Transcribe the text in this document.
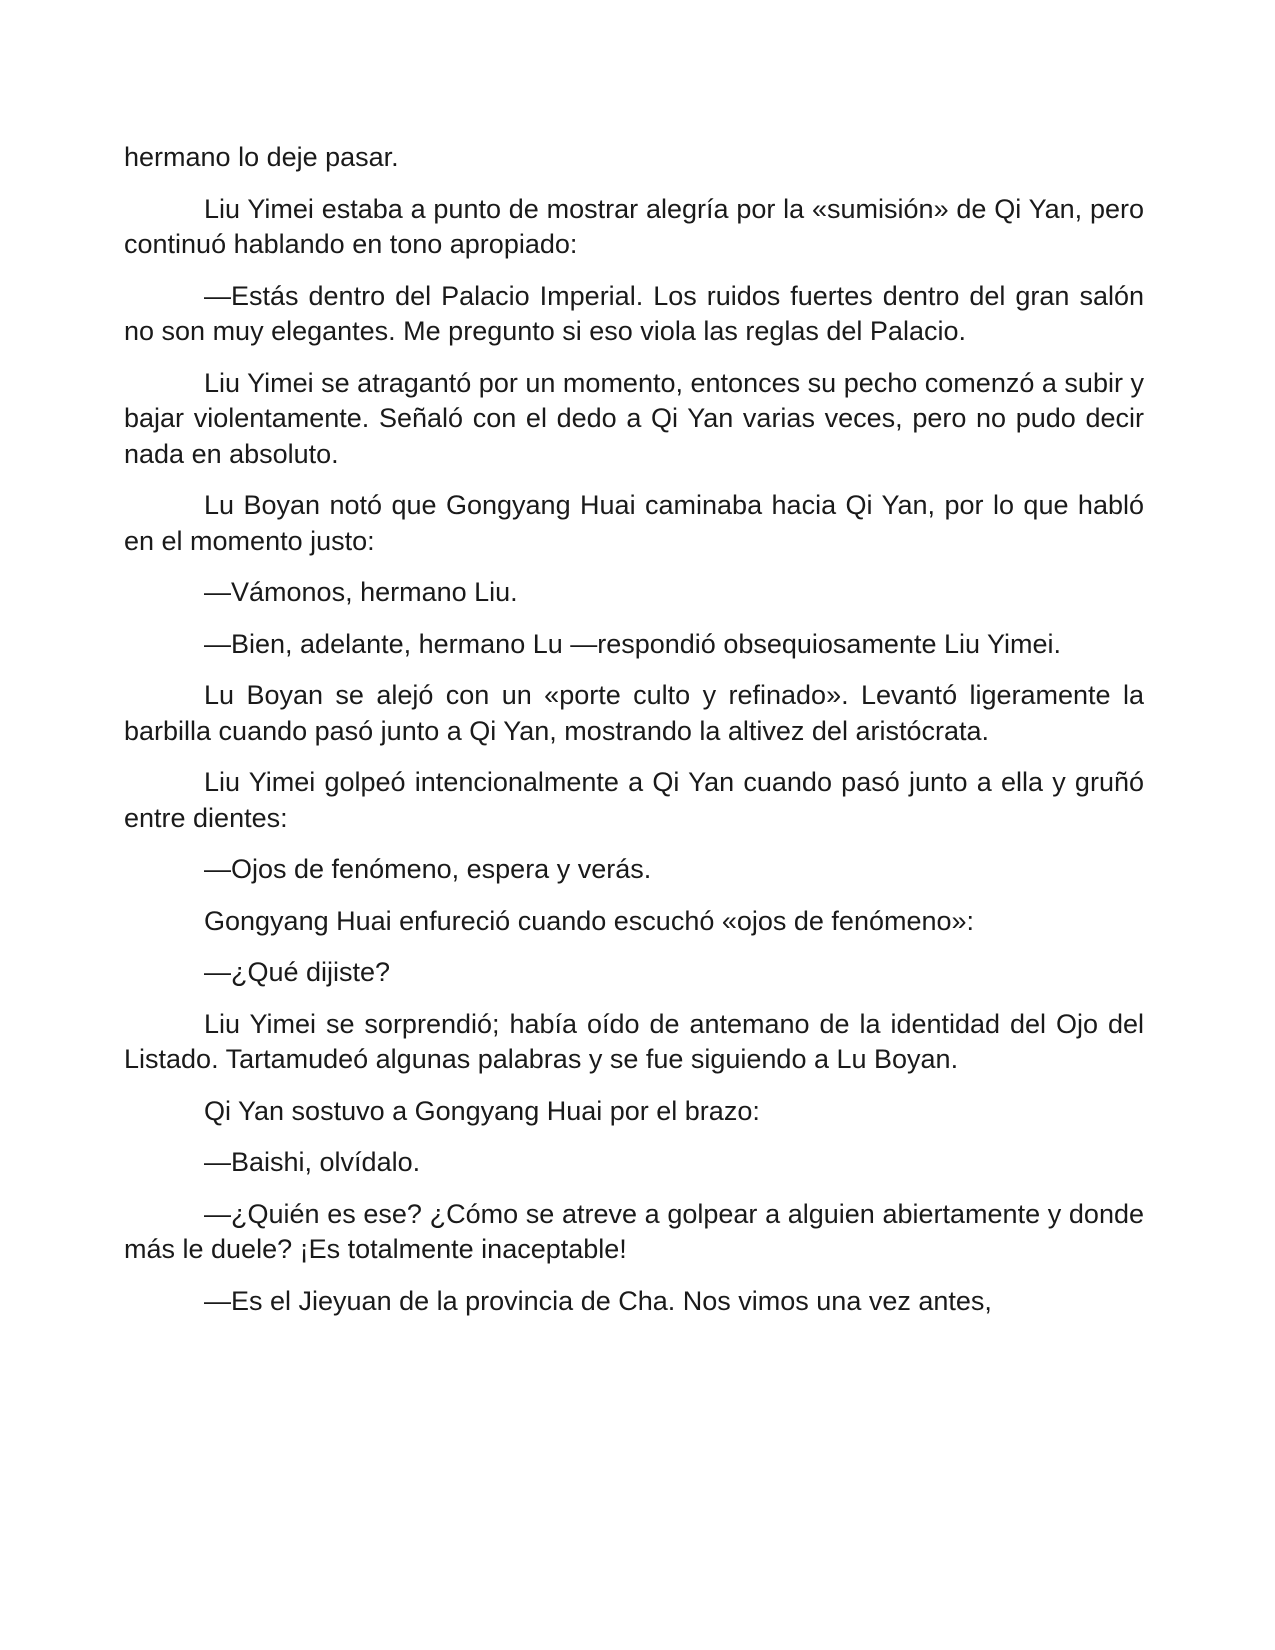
hermano lo deje pasar.

Liu Yimei estaba a punto de mostrar alegría por la «sumisión» de Qi Yan, pero continuó hablando en tono apropiado:

—Estás dentro del Palacio Imperial. Los ruidos fuertes dentro del gran salón no son muy elegantes. Me pregunto si eso viola las reglas del Palacio.

Liu Yimei se atragantó por un momento, entonces su pecho comenzó a subir y bajar violentamente. Señaló con el dedo a Qi Yan varias veces, pero no pudo decir nada en absoluto.

Lu Boyan notó que Gongyang Huai caminaba hacia Qi Yan, por lo que habló en el momento justo:

—Vámonos, hermano Liu.

—Bien, adelante, hermano Lu —respondió obsequiosamente Liu Yimei.

Lu Boyan se alejó con un «porte culto y refinado». Levantó ligeramente la barbilla cuando pasó junto a Qi Yan, mostrando la altivez del aristócrata.

Liu Yimei golpeó intencionalmente a Qi Yan cuando pasó junto a ella y gruñó entre dientes:

—Ojos de fenómeno, espera y verás.

Gongyang Huai enfureció cuando escuchó «ojos de fenómeno»:

—¿Qué dijiste?

Liu Yimei se sorprendió; había oído de antemano de la identidad del Ojo del Listado. Tartamudeó algunas palabras y se fue siguiendo a Lu Boyan.

Qi Yan sostuvo a Gongyang Huai por el brazo:

—Baishi, olvídalo.

—¿Quién es ese? ¿Cómo se atreve a golpear a alguien abiertamente y donde más le duele? ¡Es totalmente inaceptable!

—Es el Jieyuan de la provincia de Cha. Nos vimos una vez antes,
